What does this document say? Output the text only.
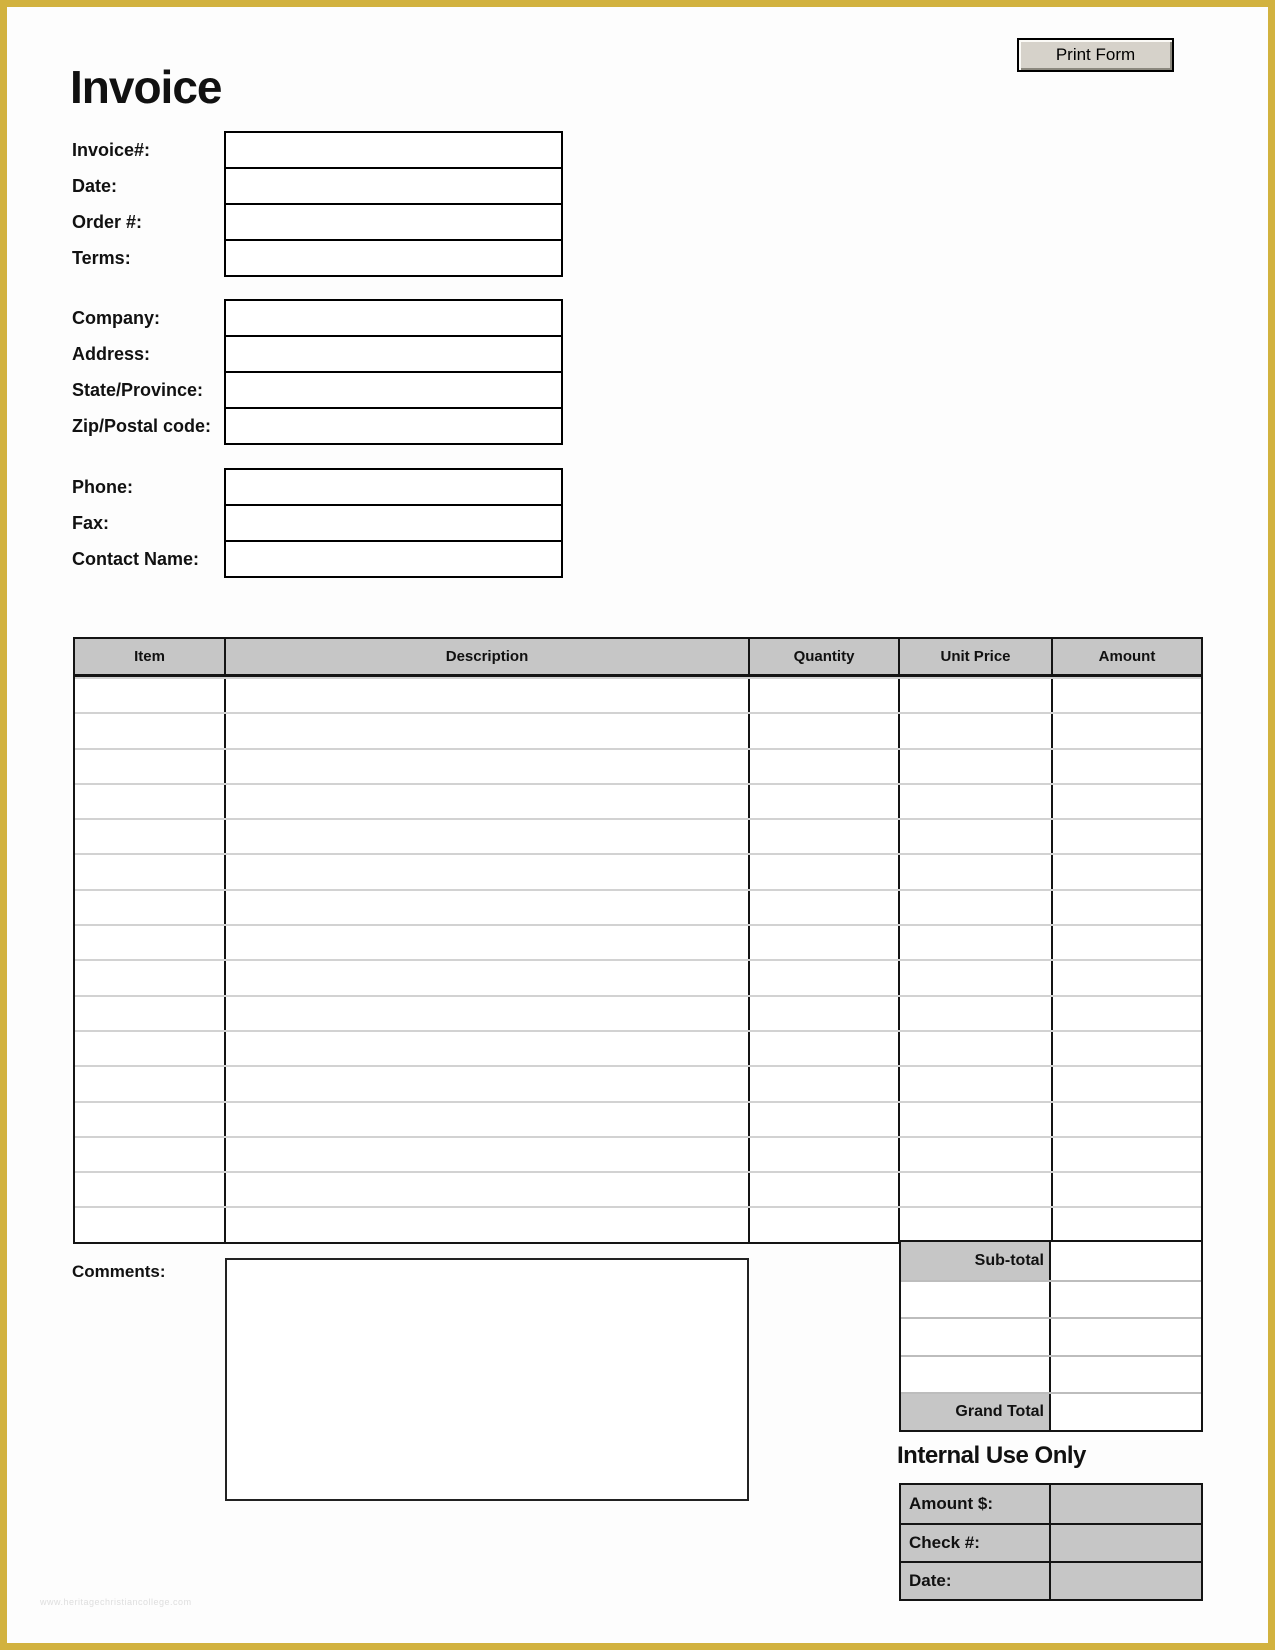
Invoice
Print Form
Invoice#:
Date:
Order #:
Terms:
Company:
Address:
State/Province:
Zip/Postal code:
Phone:
Fax:
Contact Name:
Item	Description	Quantity	Unit Price	Amount
Sub-total
Grand Total
Comments:
Internal Use Only
Amount $:
Check #:
Date:
www.heritagechristiancollege.com
